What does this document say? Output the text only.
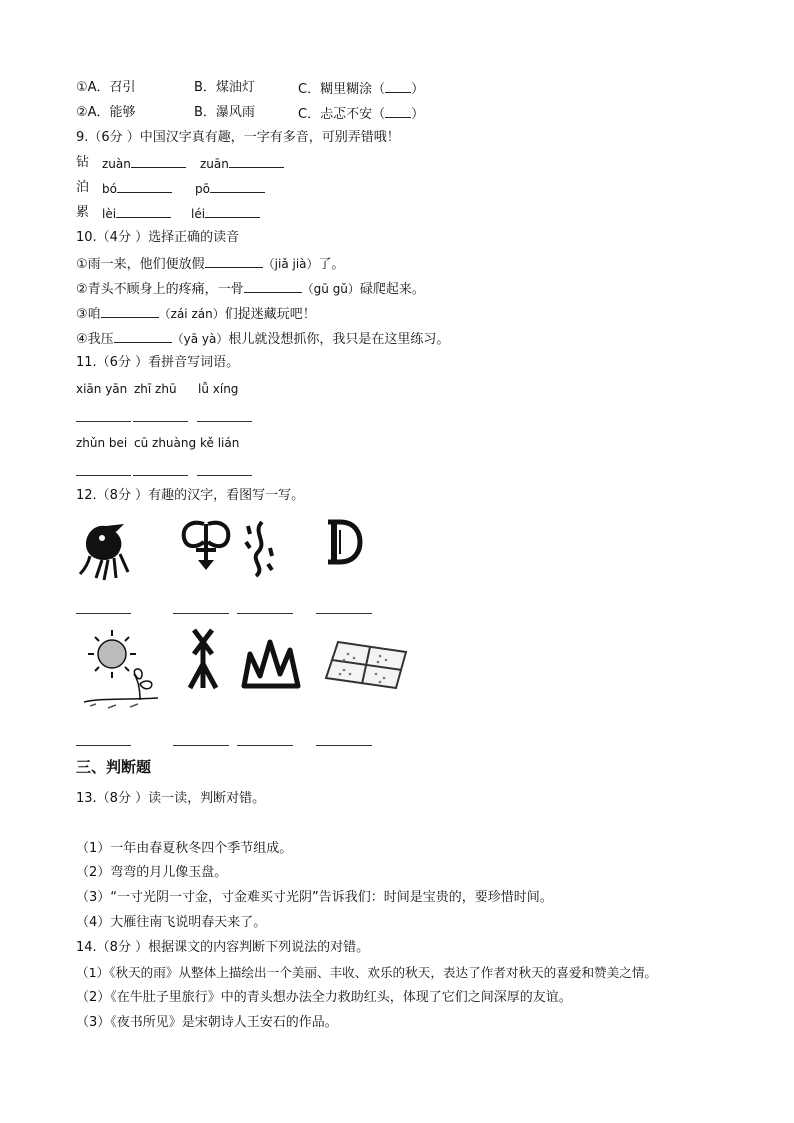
①A．召引	B．煤油灯	C．糊里糊涂（ ）
②A．能够	B．瀑风雨	C．忐忑不安（ ）
9.（6分 ）中国汉字真有趣，一字有多音，可别弄错哦！
钻 zuàn	zuān
泊 bó	pō
累 lèi	léi
10.（4分 ）选择正确的读音
①雨一来，他们便放假	（jiǎ jià）了。
②青头不顾身上的疼痛，一骨	（gū gǔ）碌爬起来。
③咱	（zái zán）们捉迷藏玩吧！
④我压	（yā yà）根儿就没想抓你，我只是在这里练习。
11.（6分 ）看拼音写词语。
xiān yān zhī zhū lǚ xíng
zhǔn bei cū zhuàng kě lián
12.（8分 ）有趣的汉字，看图写一写。
三、判断题
13.（8分 ）读一读，判断对错。
（1）一年由春夏秋冬四个季节组成。
（2）弯弯的月儿像玉盘。
（3）“一寸光阴一寸金，寸金难买寸光阴”告诉我们：时间是宝贵的，要珍惜时间。
（4）大雁往南飞说明春天来了。
14.（8分 ）根据课文的内容判断下列说法的对错。
（1）《秋天的雨》从整体上描绘出一个美丽、丰收、欢乐的秋天，表达了作者对秋天的喜爱和赞美之情。
（2）《在牛肚子里旅行》中的青头想办法全力救助红头，体现了它们之间深厚的友谊。
（3）《夜书所见》是宋朝诗人王安石的作品。
